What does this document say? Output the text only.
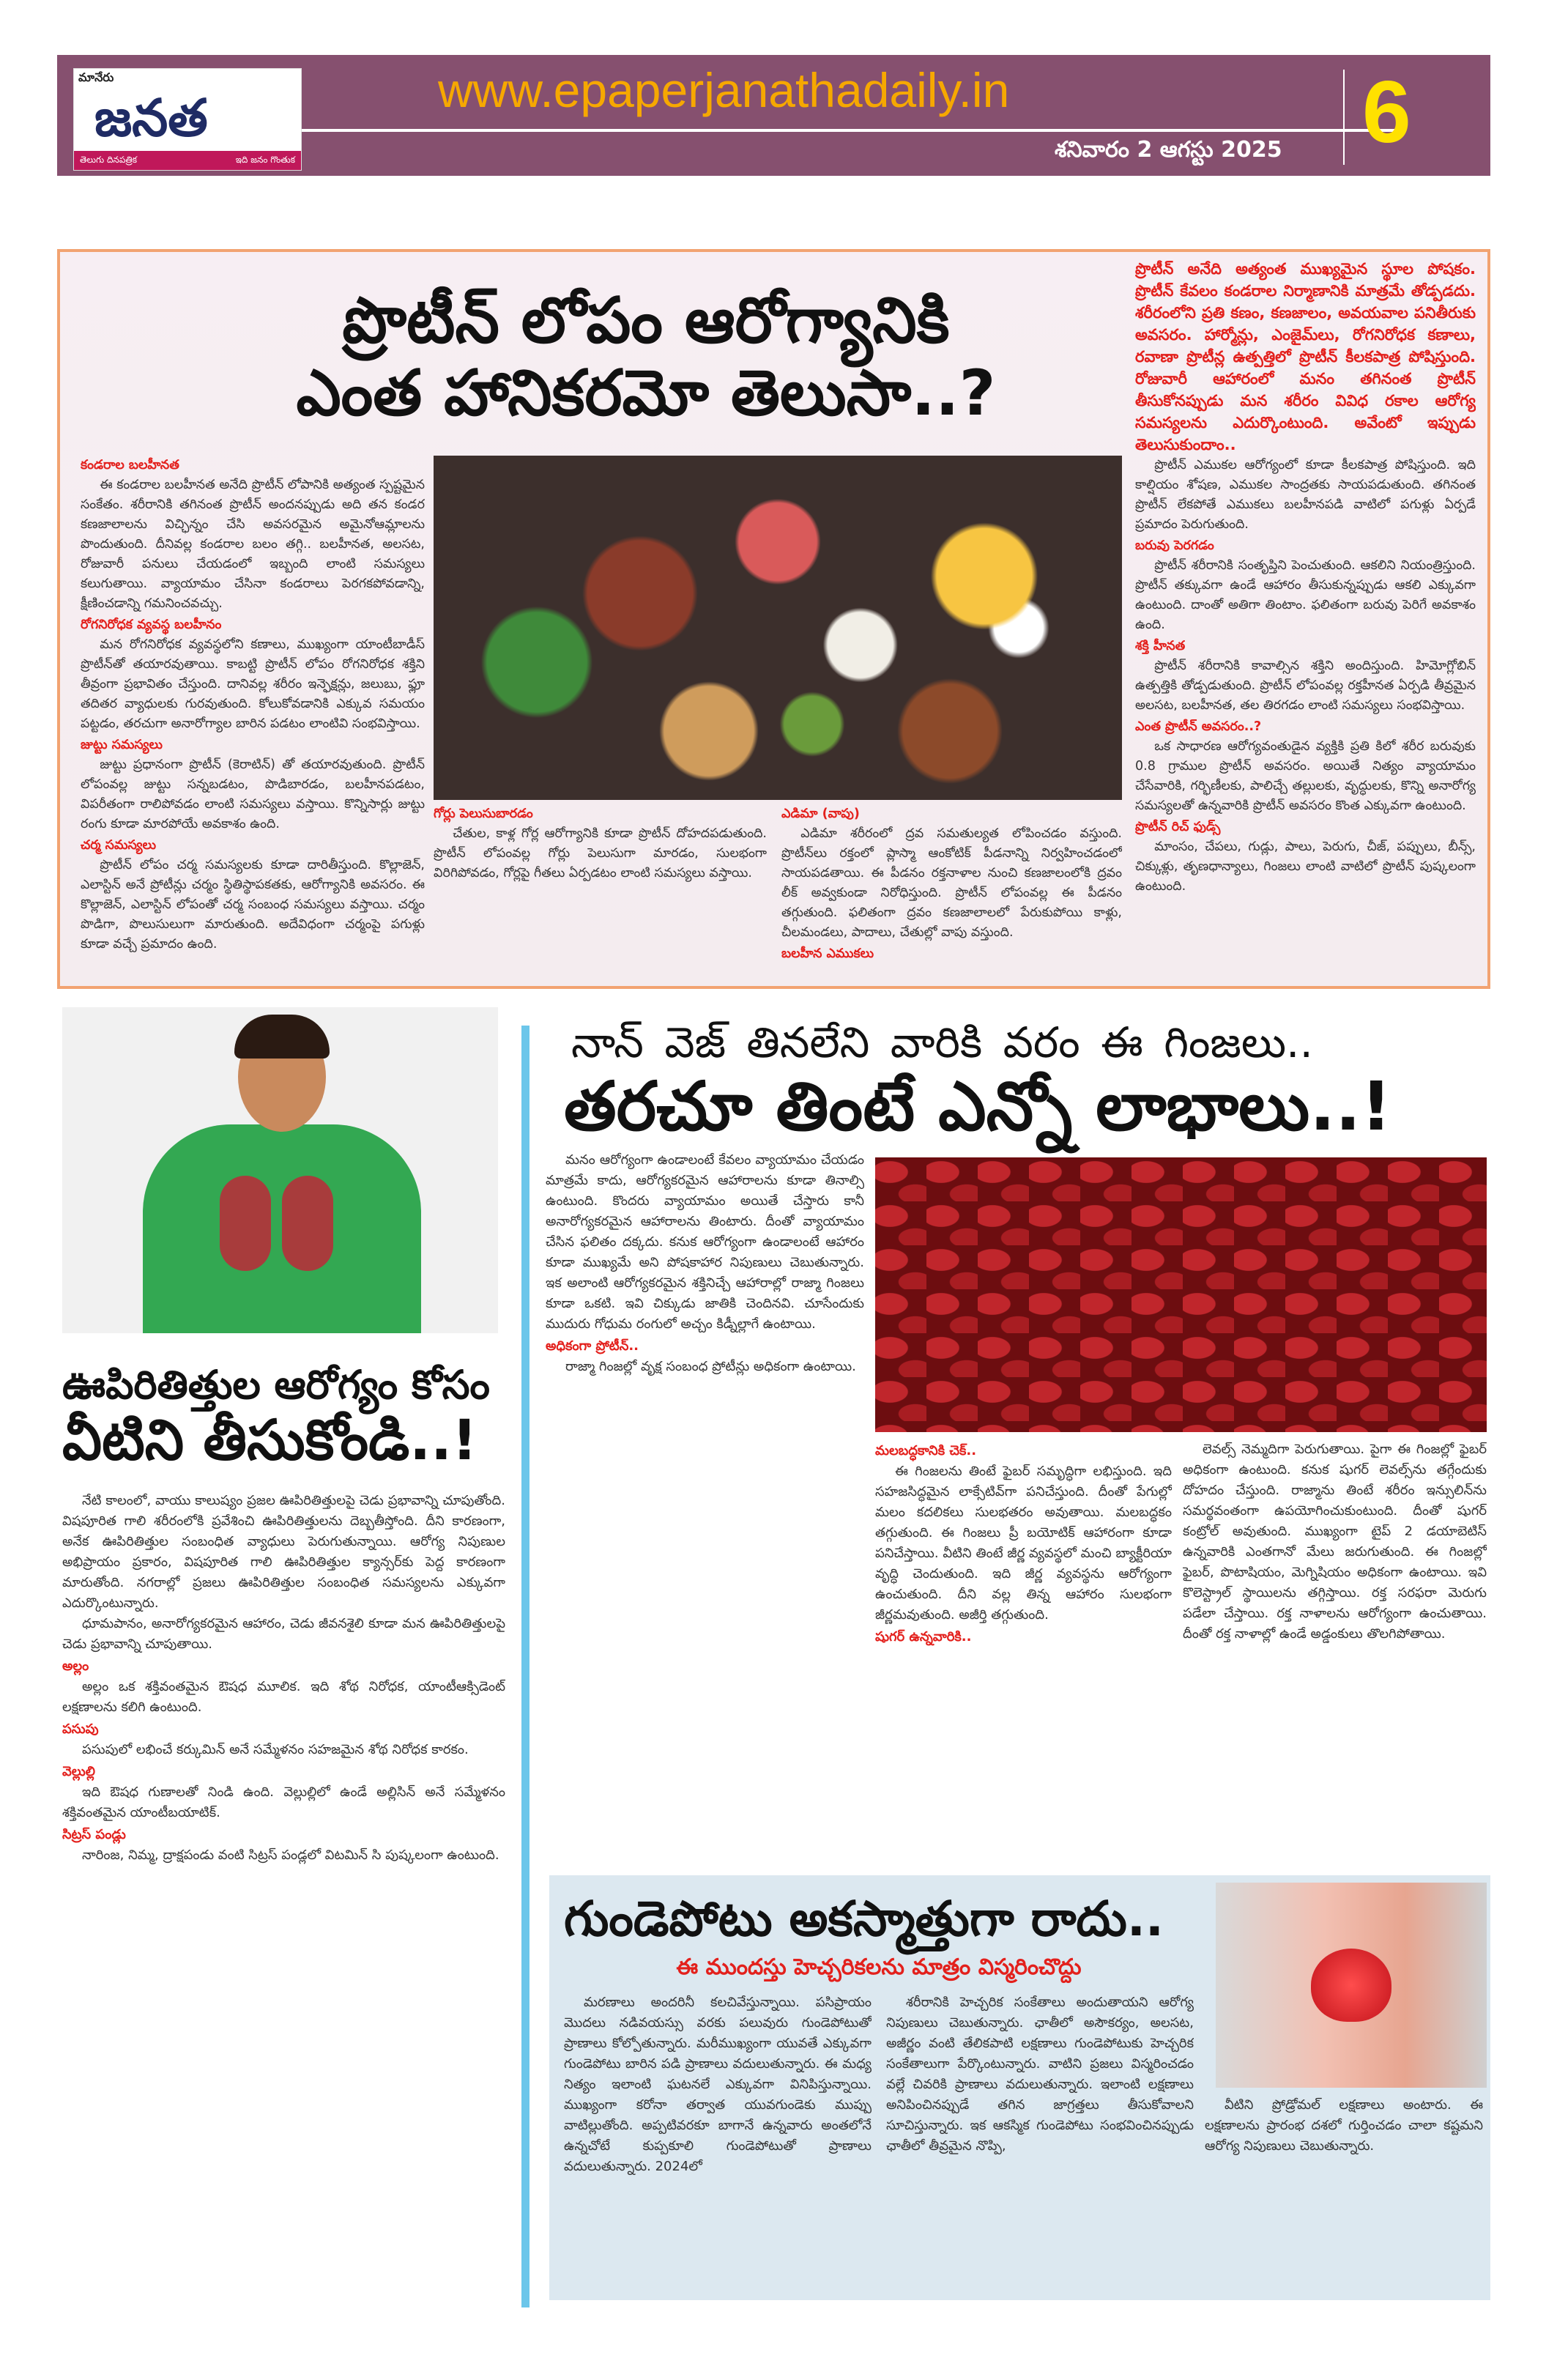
మానేరు
జనత
తెలుగు దినపత్రిక	ఇది జనం గొంతుక
www.epaperjanathadaily.in
శనివారం 2 ఆగస్టు 2025 6
ప్రొటీన్ లోపం ఆరోగ్యానికి
ఎంత హానికరమో తెలుసా..?
కండరాల బలహీనత

ఈ కండరాల బలహీనత అనేది ప్రొటీన్ లోపానికి అత్యంత స్పష్టమైన సంకేతం. శరీరానికి తగినంత ప్రొటీన్ అందనప్పుడు అది తన కండర కణజాలాలను విచ్ఛిన్నం చేసి అవసరమైన అమైనోఆమ్లాలను పొందుతుంది. దీనివల్ల కండరాల బలం తగ్గి.. బలహీనత, అలసట, రోజువారీ పనులు చేయడంలో ఇబ్బంది లాంటి సమస్యలు కలుగుతాయి. వ్యాయామం చేసినా కండరాలు పెరగకపోవడాన్ని, క్షీణించడాన్ని గమనించవచ్చు.

రోగనిరోధక వ్యవస్థ బలహీనం

మన రోగనిరోధక వ్యవస్థలోని కణాలు, ముఖ్యంగా యాంటీబాడీస్ ప్రొటీన్‌తో తయారవుతాయి. కాబట్టి ప్రొటీన్ లోపం రోగనిరోధక శక్తిని తీవ్రంగా ప్రభావితం చేస్తుంది. దానివల్ల శరీరం ఇన్ఫెక్షన్లు, జలుబు, ఫ్లూ తదితర వ్యాధులకు గురవుతుంది. కోలుకోవడానికి ఎక్కువ సమయం పట్టడం, తరచుగా అనారోగ్యాల బారిన పడటం లాంటివి సంభవిస్తాయి.

జుట్టు సమస్యలు

జుట్టు ప్రధానంగా ప్రొటీన్ (కెరాటిన్) తో తయారవుతుంది. ప్రొటీన్ లోపంవల్ల జుట్టు సన్నబడటం, పొడిబారడం, బలహీనపడటం, విపరీతంగా రాలిపోవడం లాంటి సమస్యలు వస్తాయి. కొన్నిసార్లు జుట్టు రంగు కూడా మారపోయే అవకాశం ఉంది.

చర్మ సమస్యలు

ప్రొటీన్ లోపం చర్మ సమస్యలకు కూడా దారితీస్తుంది. కొల్లాజెన్, ఎలాస్టిన్ అనే ప్రోటీన్లు చర్మం స్థితిస్థాపకతకు, ఆరోగ్యానికి అవసరం. ఈ కొల్లాజెన్, ఎలాస్టిన్ లోపంతో చర్మ సంబంధ సమస్యలు వస్తాయి. చర్మం పొడిగా, పొలుసులుగా మారుతుంది. అదేవిధంగా చర్మంపై పగుళ్లు కూడా వచ్చే ప్రమాదం ఉంది.

గోర్లు పెలుసుబారడం

చేతుల, కాళ్ల గోర్ల ఆరోగ్యానికి కూడా ప్రొటీన్ దోహదపడుతుంది. ప్రొటీన్ లోపంవల్ల గోర్లు పెలుసుగా మారడం, సులభంగా విరిగిపోవడం, గోర్లపై గీతలు ఏర్పడటం లాంటి సమస్యలు వస్తాయి.

ఎడిమా (వాపు)

ఎడిమా శరీరంలో ద్రవ సమతుల్యత లోపించడం వస్తుంది. ప్రొటీన్‌లు రక్తంలో ప్లాస్మా ఆంకోటిక్ పీడనాన్ని నిర్వహించడంలో సాయపడతాయి. ఈ పీడనం రక్తనాళాల నుంచి కణజాలంలోకి ద్రవం లీక్ అవ్వకుండా నిరోధిస్తుంది. ప్రొటీన్ లోపంవల్ల ఈ పీడనం తగ్గుతుంది. ఫలితంగా ద్రవం కణజాలాలలో పేరుకుపోయి కాళ్లు, చీలమండలు, పాదాలు, చేతుల్లో వాపు వస్తుంది.

బలహీన ఎముకలు
ప్రొటీన్ అనేది అత్యంత ముఖ్యమైన స్థూల పోషకం. ప్రొటీన్ కేవలం కండరాల నిర్మాణానికి మాత్రమే తోడ్పడదు. శరీరంలోని ప్రతి కణం, కణజాలం, అవయవాల పనితీరుకు అవసరం. హార్మోన్లు, ఎంజైమ్‌లు, రోగనిరోధక కణాలు, రవాణా ప్రొటీన్ల ఉత్పత్తిలో ప్రొటీన్ కీలకపాత్ర పోషిస్తుంది. రోజువారీ ఆహారంలో మనం తగినంత ప్రొటీన్ తీసుకోనప్పుడు మన శరీరం వివిధ రకాల ఆరోగ్య సమస్యలను ఎదుర్కొంటుంది. అవేంటో ఇప్పుడు తెలుసుకుందాం..

ప్రొటీన్ ఎముకల ఆరోగ్యంలో కూడా కీలకపాత్ర పోషిస్తుంది. ఇది కాల్షియం శోషణ, ఎముకల సాంద్రతకు సాయపడుతుంది. తగినంత ప్రొటీన్ లేకపోతే ఎముకలు బలహీనపడి వాటిలో పగుళ్లు ఏర్పడే ప్రమాదం పెరుగుతుంది.

బరువు పెరగడం

ప్రొటీన్ శరీరానికి సంతృప్తిని పెంచుతుంది. ఆకలిని నియంత్రిస్తుంది. ప్రొటీన్ తక్కువగా ఉండే ఆహారం తీసుకున్నప్పుడు ఆకలి ఎక్కువగా ఉంటుంది. దాంతో అతిగా తింటాం. ఫలితంగా బరువు పెరిగే అవకాశం ఉంది.

శక్తి హీనత

ప్రొటీన్ శరీరానికి కావాల్సిన శక్తిని అందిస్తుంది. హిమోగ్లోబిన్ ఉత్పత్తికి తోడ్పడుతుంది. ప్రొటీన్ లోపంవల్ల రక్తహీనత ఏర్పడి తీవ్రమైన అలసట, బలహీనత, తల తిరగడం లాంటి సమస్యలు సంభవిస్తాయి.

ఎంత ప్రొటీన్ అవసరం..?

ఒక సాధారణ ఆరోగ్యవంతుడైన వ్యక్తికి ప్రతి కిలో శరీర బరువుకు 0.8 గ్రాముల ప్రొటీన్ అవసరం. అయితే నిత్యం వ్యాయామం చేసేవారికి, గర్భిణీలకు, పాలిచ్చే తల్లులకు, వృద్ధులకు, కొన్ని అనారోగ్య సమస్యలతో ఉన్నవారికి ప్రొటీన్ అవసరం కొంత ఎక్కువగా ఉంటుంది.

ప్రొటీన్ రిచ్ ఫుడ్స్

మాంసం, చేపలు, గుడ్లు, పాలు, పెరుగు, చీజ్, పప్పులు, బీన్స్, చిక్కుళ్లు, తృణధాన్యాలు, గింజలు లాంటి వాటిలో ప్రొటీన్ పుష్కలంగా ఉంటుంది.

ఊపిరితిత్తుల ఆరోగ్యం కోసం
వీటిని తీసుకోండి..!

నేటి కాలంలో, వాయు కాలుష్యం ప్రజల ఊపిరితిత్తులపై చెడు ప్రభావాన్ని చూపుతోంది. విషపూరిత గాలి శరీరంలోకి ప్రవేశించి ఊపిరితిత్తులను దెబ్బతీస్తోంది. దీని కారణంగా, అనేక ఊపిరితిత్తుల సంబంధిత వ్యాధులు పెరుగుతున్నాయి. ఆరోగ్య నిపుణుల అభిప్రాయం ప్రకారం, విషపూరిత గాలి ఊపిరితిత్తుల క్యాన్సర్‌కు పెద్ద కారణంగా మారుతోంది. నగరాల్లో ప్రజలు ఊపిరితిత్తుల సంబంధిత సమస్యలను ఎక్కువగా ఎదుర్కొంటున్నారు.

ధూమపానం, అనారోగ్యకరమైన ఆహారం, చెడు జీవనశైలి కూడా మన ఊపిరితిత్తులపై చెడు ప్రభావాన్ని చూపుతాయి.

అల్లం

అల్లం ఒక శక్తివంతమైన ఔషధ మూలిక. ఇది శోథ నిరోధక, యాంటీఆక్సిడెంట్ లక్షణాలను కలిగి ఉంటుంది.

పసుపు

పసుపులో లభించే కర్కుమిన్ అనే సమ్మేళనం సహజమైన శోథ నిరోధక కారకం.

వెల్లుల్లి

ఇది ఔషధ గుణాలతో నిండి ఉంది. వెల్లుల్లిలో ఉండే అల్లిసిన్ అనే సమ్మేళనం శక్తివంతమైన యాంటీబయాటిక్.

సిట్రస్ పండ్లు

నారింజ, నిమ్మ, ద్రాక్షపండు వంటి సిట్రస్ పండ్లలో విటమిన్ సి పుష్కలంగా ఉంటుంది.

నాన్ వెజ్ తినలేని వారికి వరం ఈ గింజలు..
తరచూ తింటే ఎన్నో లాభాలు..!

మనం ఆరోగ్యంగా ఉండాలంటే కేవలం వ్యాయామం చేయడం మాత్రమే కాదు, ఆరోగ్యకరమైన ఆహారాలను కూడా తినాల్సి ఉంటుంది. కొందరు వ్యాయామం అయితే చేస్తారు కానీ అనారోగ్యకరమైన ఆహారాలను తింటారు. దీంతో వ్యాయామం చేసిన ఫలితం దక్కదు. కనుక ఆరోగ్యంగా ఉండాలంటే ఆహారం కూడా ముఖ్యమే అని పోషకాహార నిపుణులు చెబుతున్నారు. ఇక అలాంటి ఆరోగ్యకరమైన శక్తినిచ్చే ఆహారాల్లో రాజ్మా గింజలు కూడా ఒకటి. ఇవి చిక్కుడు జాతికి చెందినవి. చూసేందుకు ముదురు గోధుమ రంగులో అచ్చం కిడ్నీల్లాగే ఉంటాయి.

అధికంగా ప్రోటీన్..

రాజ్మా గింజల్లో వృక్ష సంబంధ ప్రోటీన్లు అధికంగా ఉంటాయి.

మలబద్ధకానికి చెక్..

ఈ గింజలను తింటే ఫైబర్ సమృద్ధిగా లభిస్తుంది. ఇది సహజసిద్ధమైన లాక్సేటివ్‌గా పనిచేస్తుంది. దీంతో పేగుల్లో మలం కదలికలు సులభతరం అవుతాయి. మలబద్ధకం తగ్గుతుంది. ఈ గింజలు ప్రీ బయోటిక్ ఆహారంగా కూడా పనిచేస్తాయి. వీటిని తింటే జీర్ణ వ్యవస్థలో మంచి బ్యాక్టీరియా వృద్ధి చెందుతుంది. ఇది జీర్ణ వ్యవస్థను ఆరోగ్యంగా ఉంచుతుంది. దీని వల్ల తిన్న ఆహారం సులభంగా జీర్ణమవుతుంది. అజీర్తి తగ్గుతుంది.

షుగర్ ఉన్నవారికి..

లెవల్స్ నెమ్మదిగా పెరుగుతాయి. పైగా ఈ గింజల్లో ఫైబర్ అధికంగా ఉంటుంది. కనుక షుగర్ లెవల్స్‌ను తగ్గేందుకు దోహదం చేస్తుంది. రాజ్మాను తింటే శరీరం ఇన్సులిన్‌ను సమర్థవంతంగా ఉపయోగించుకుంటుంది. దీంతో షుగర్ కంట్రోల్ అవుతుంది. ముఖ్యంగా టైప్ 2 డయాబెటిస్ ఉన్నవారికి ఎంతగానో మేలు జరుగుతుంది. ఈ గింజల్లో ఫైబర్, పొటాషియం, మెగ్నిషియం అధికంగా ఉంటాయి. ఇవి కొలెస్ట్రాల్ స్థాయిలను తగ్గిస్తాయి. రక్త సరఫరా మెరుగు పడేలా చేస్తాయి. రక్త నాళాలను ఆరోగ్యంగా ఉంచుతాయి. దీంతో రక్త నాళాల్లో ఉండే అడ్డంకులు తొలగిపోతాయి.

గుండెపోటు అకస్మాత్తుగా రాదు..
ఈ ముందస్తు హెచ్చరికలను మాత్రం విస్మరించొద్దు

మరణాలు అందరినీ కలచివేస్తున్నాయి. పసిప్రాయం మొదలు నడివయస్సు వరకు పలువురు గుండెపోటుతో ప్రాణాలు కోల్పోతున్నారు. మరీముఖ్యంగా యువతే ఎక్కువగా గుండెపోటు బారిన పడి ప్రాణాలు వదులుతున్నారు. ఈ మధ్య నిత్యం ఇలాంటి ఘటనలే ఎక్కువగా వినిపిస్తున్నాయి. ముఖ్యంగా కరోనా తర్వాత యువగుండెకు ముప్పు వాటిల్లుతోంది. అప్పటివరకూ బాగానే ఉన్నవారు అంతలోనే ఉన్నచోటే కుప్పకూలి గుండెపోటుతో ప్రాణాలు వదులుతున్నారు. 2024లో

శరీరానికి హెచ్చరిక సంకేతాలు అందుతాయని ఆరోగ్య నిపుణులు చెబుతున్నారు. ఛాతీలో అసౌకర్యం, అలసట, అజీర్ణం వంటి తేలికపాటి లక్షణాలు గుండెపోటుకు హెచ్చరిక సంకేతాలుగా పేర్కొంటున్నారు. వాటిని ప్రజలు విస్మరించడం వల్లే చివరికి ప్రాణాలు వదులుతున్నారు. ఇలాంటి లక్షణాలు అనిపించినప్పుడే తగిన జాగ్రత్తలు తీసుకోవాలని సూచిస్తున్నారు. ఇక ఆకస్మిక గుండెపోటు సంభవించినప్పుడు ఛాతీలో తీవ్రమైన నొప్పి,

వీటిని ప్రోడ్రోమల్ లక్షణాలు అంటారు. ఈ లక్షణాలను ప్రారంభ దశలో గుర్తించడం చాలా కష్టమని ఆరోగ్య నిపుణులు చెబుతున్నారు.
